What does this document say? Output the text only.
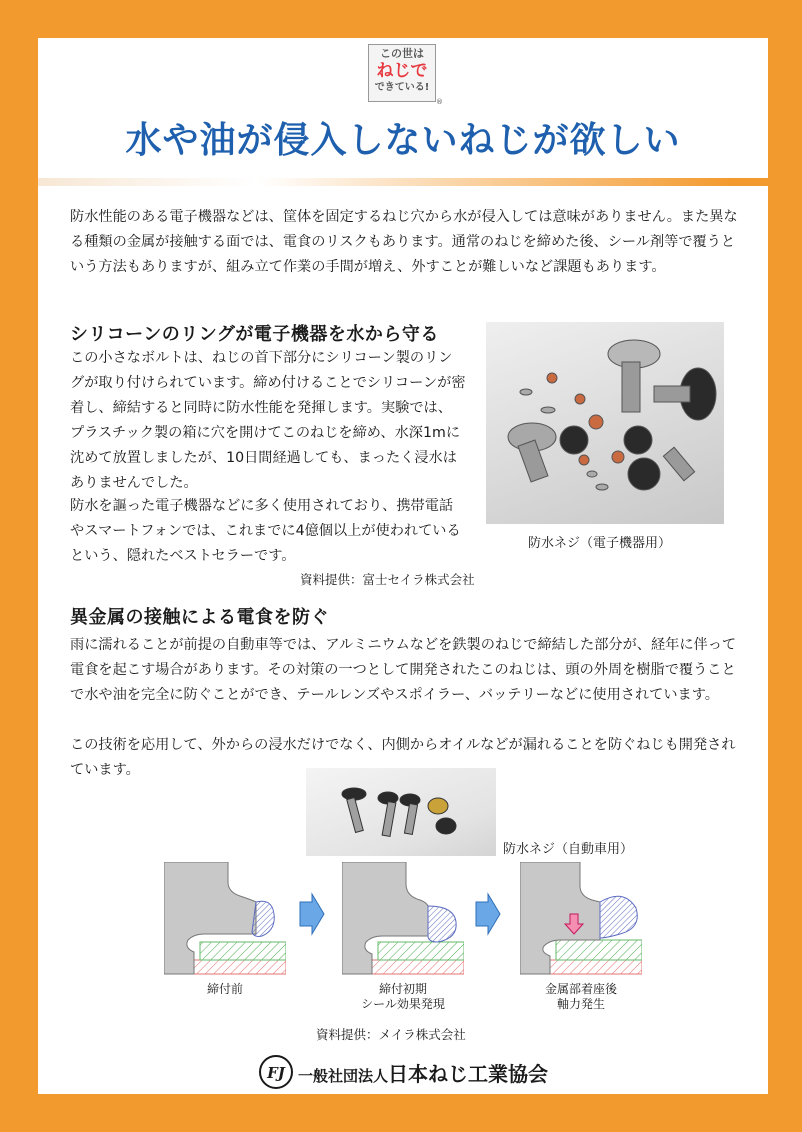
この世は
ねじで
できている!
®
水や油が侵入しないねじが欲しい

防水性能のある電子機器などは、筐体を固定するねじ穴から水が侵入しては意味がありません。また異なる種類の金属が接触する面では、電食のリスクもあります。通常のねじを締めた後、シール剤等で覆うという方法もありますが、組み立て作業の手間が増え、外すことが難しいなど課題もあります。

シリコーンのリングが電子機器を水から守る

この小さなボルトは、ねじの首下部分にシリコーン製のリングが取り付けられています。締め付けることでシリコーンが密着し、締結すると同時に防水性能を発揮します。実験では、プラスチック製の箱に穴を開けてこのねじを締め、水深1mに沈めて放置しましたが、10日間経過しても、まったく浸水はありませんでした。

防水を謳った電子機器などに多く使用されており、携帯電話やスマートフォンでは、これまでに4億個以上が使われているという、隠れたベストセラーです。

防水ネジ（電子機器用）
資料提供：富士セイラ株式会社
異金属の接触による電食を防ぐ

雨に濡れることが前提の自動車等では、アルミニウムなどを鉄製のねじで締結した部分が、経年に伴って電食を起こす場合があります。その対策の一つとして開発されたこのねじは、頭の外周を樹脂で覆うことで水や油を完全に防ぐことができ、テールレンズやスポイラー、バッテリーなどに使用されています。

この技術を応用して、外からの浸水だけでなく、内側からオイルなどが漏れることを防ぐねじも開発されています。

防水ネジ（自動車用）
締付前	締付初期
シール効果発現
金属部着座後
軸力発生
資料提供：メイラ株式会社
FJ 一般社団法人日本ねじ工業協会
